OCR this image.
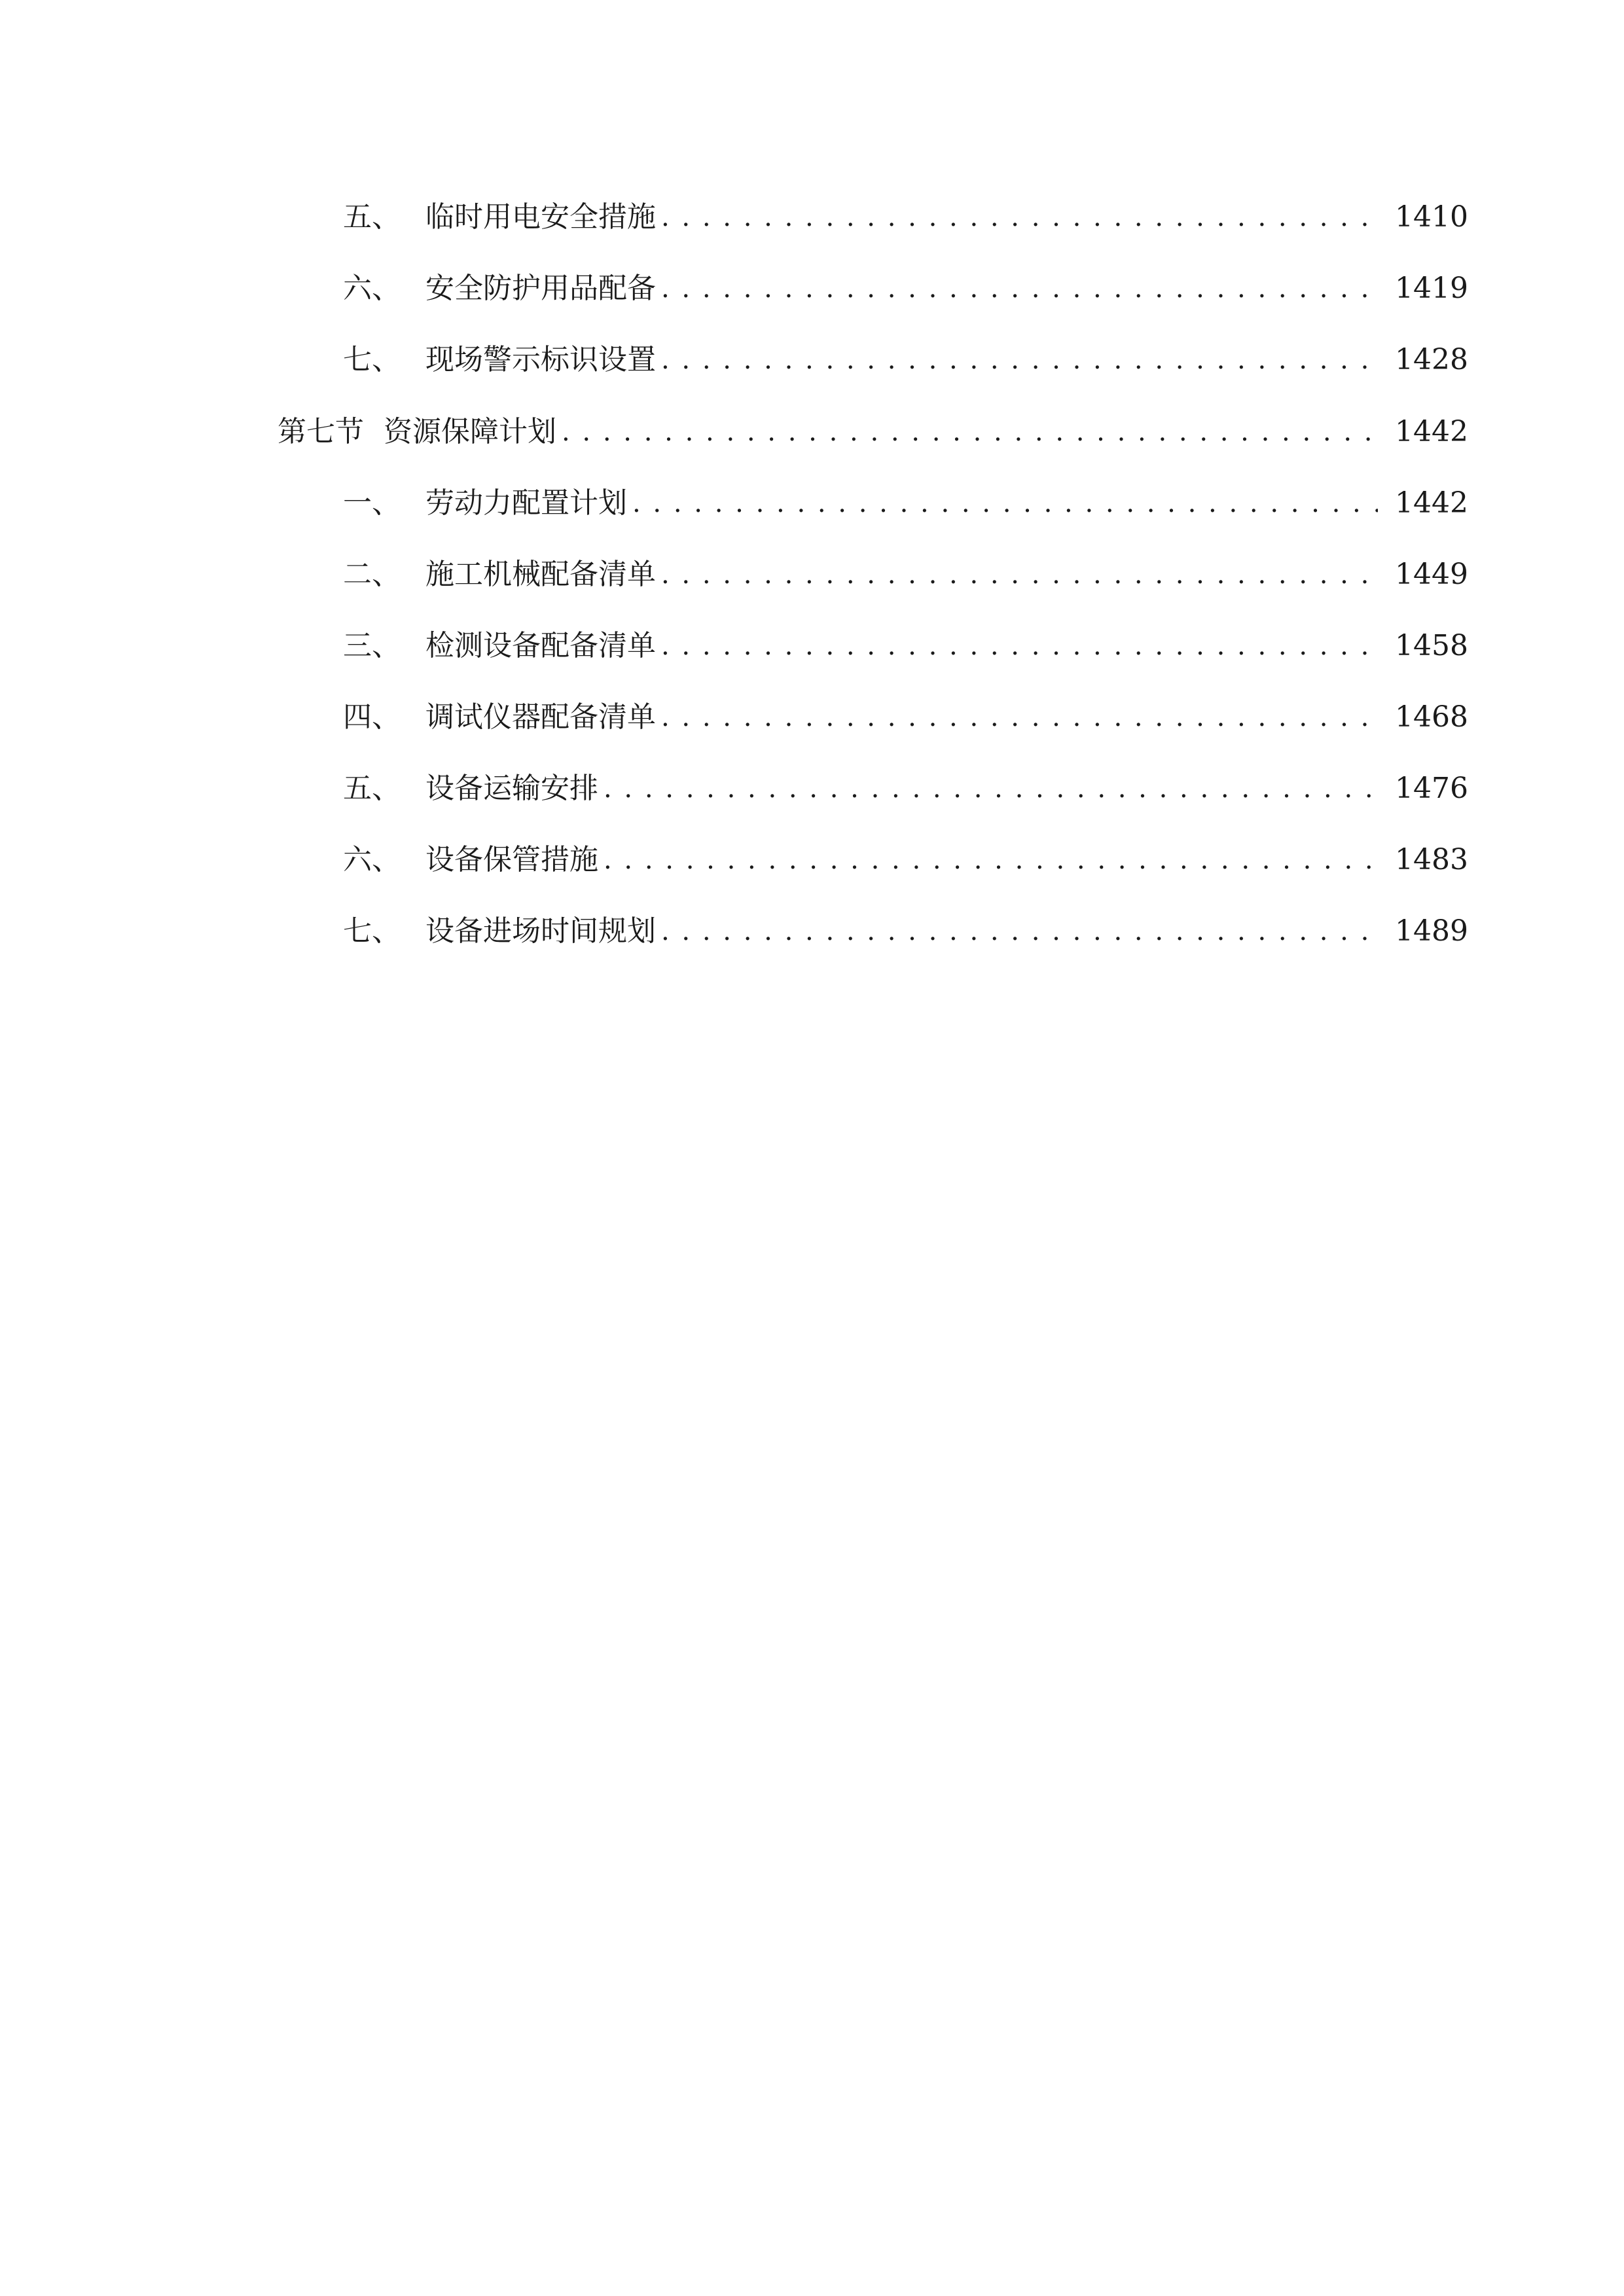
五、 临时用电安全措施 . . .	1410
六、 安全防护用品配备 . . .	1419
七、 现场警示标识设置 . . .	1428
第七节 资源保障计划 . . .	1442
一、 劳动力配置计划 . . .	1442
二、 施工机械配备清单 . . .	1449
三、 检测设备配备清单 . . .	1458
四、 调试仪器配备清单 . . .	1468
五、 设备运输安排 . . .	1476
六、 设备保管措施 . . .	1483
七、 设备进场时间规划 . . .	1489
